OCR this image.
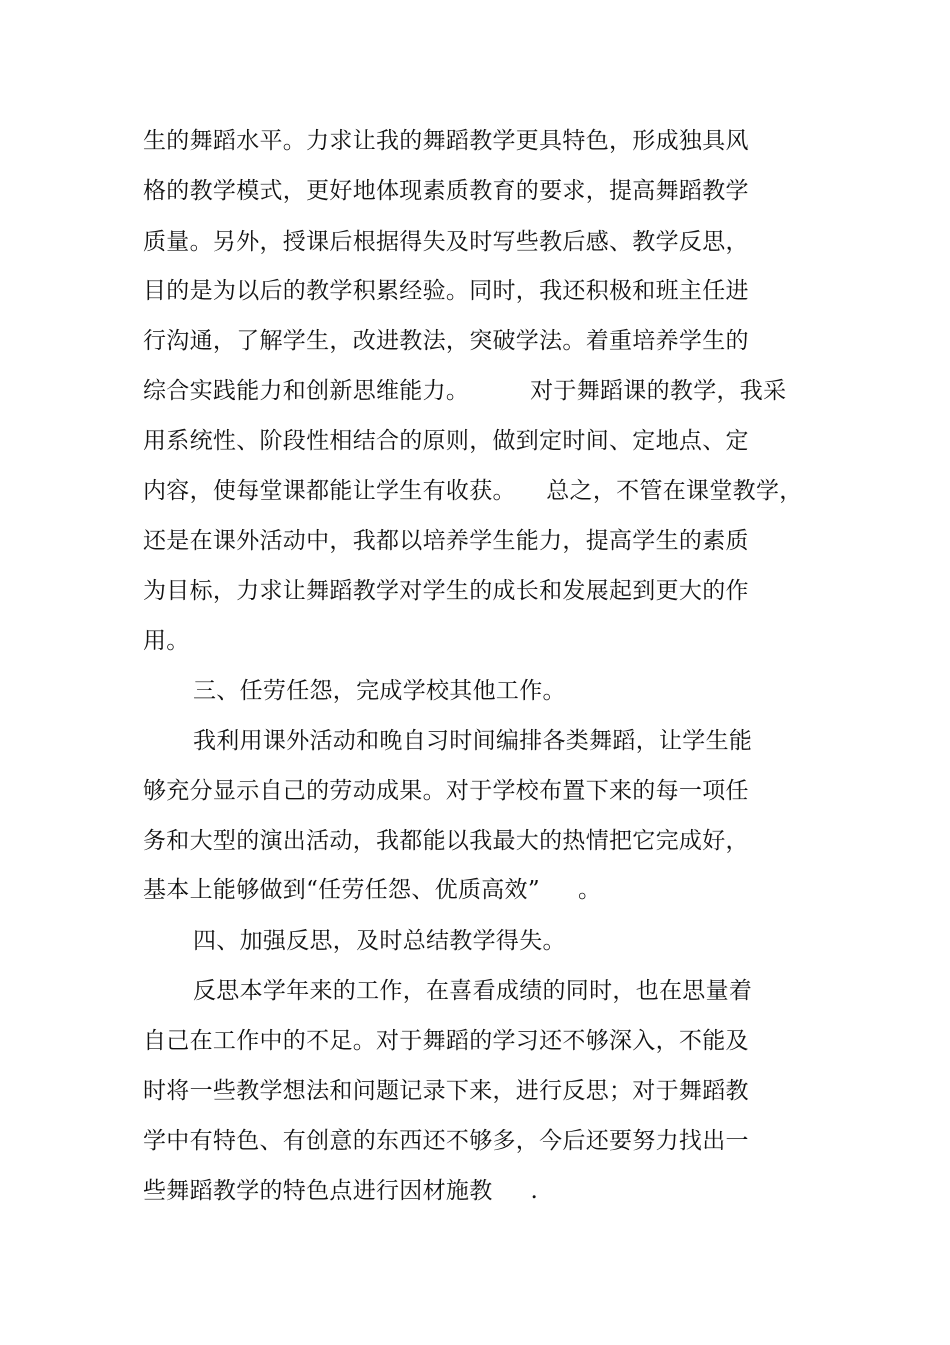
生的舞蹈水平。力求让我的舞蹈教学更具特色，形成独具风
格的教学模式，更好地体现素质教育的要求，提高舞蹈教学
质量。另外，授课后根据得失及时写些教后感、教学反思，
目的是为以后的教学积累经验。同时，我还积极和班主任进
行沟通，了解学生，改进教法，突破学法。着重培养学生的
综合实践能力和创新思维能力。        对于舞蹈课的教学，我采
用系统性、阶段性相结合的原则，做到定时间、定地点、定
内容，使每堂课都能让学生有收获。    总之，不管在课堂教学，
还是在课外活动中，我都以培养学生能力，提高学生的素质
为目标，力求让舞蹈教学对学生的成长和发展起到更大的作
用。
三、任劳任怨，完成学校其他工作。
我利用课外活动和晚自习时间编排各类舞蹈，让学生能
够充分显示自己的劳动成果。对于学校布置下来的每一项任
务和大型的演出活动，我都能以我最大的热情把它完成好，
基本上能够做到“任劳任怨、优质高效”     。
四、加强反思，及时总结教学得失。
反思本学年来的工作，在喜看成绩的同时，也在思量着
自己在工作中的不足。对于舞蹈的学习还不够深入，不能及
时将一些教学想法和问题记录下来，进行反思；对于舞蹈教
学中有特色、有创意的东西还不够多，今后还要努力找出一
些舞蹈教学的特色点进行因材施教     .
